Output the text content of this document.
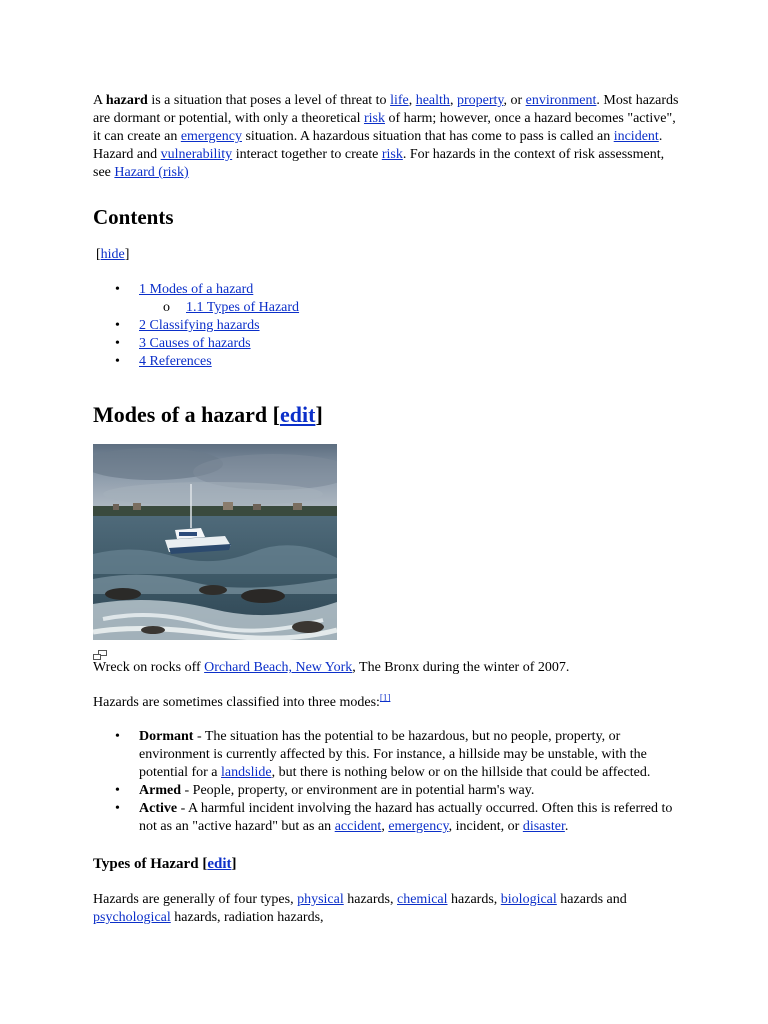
A hazard is a situation that poses a level of threat to life, health, property, or environment. Most hazards are dormant or potential, with only a theoretical risk of harm; however, once a hazard becomes "active", it can create an emergency situation. A hazardous situation that has come to pass is called an incident. Hazard and vulnerability interact together to create risk. For hazards in the context of risk assessment, see Hazard (risk)

Contents
[hide]
• 1 Modes of a hazard
o 1.1 Types of Hazard
• 2 Classifying hazards
• 3 Causes of hazards
• 4 References
Modes of a hazard [edit]

Wreck on rocks off Orchard Beach, New York, The Bronx during the winter of 2007.

Hazards are sometimes classified into three modes:[1]

• Dormant - The situation has the potential to be hazardous, but no people, property, or environment is currently affected by this. For instance, a hillside may be unstable, with the potential for a landslide, but there is nothing below or on the hillside that could be affected.
• Armed - People, property, or environment are in potential harm's way.
• Active - A harmful incident involving the hazard has actually occurred. Often this is referred to not as an "active hazard" but as an accident, emergency, incident, or disaster.
Types of Hazard [edit]

Hazards are generally of four types, physical hazards, chemical hazards, biological hazards and psychological hazards, radiation hazards,
